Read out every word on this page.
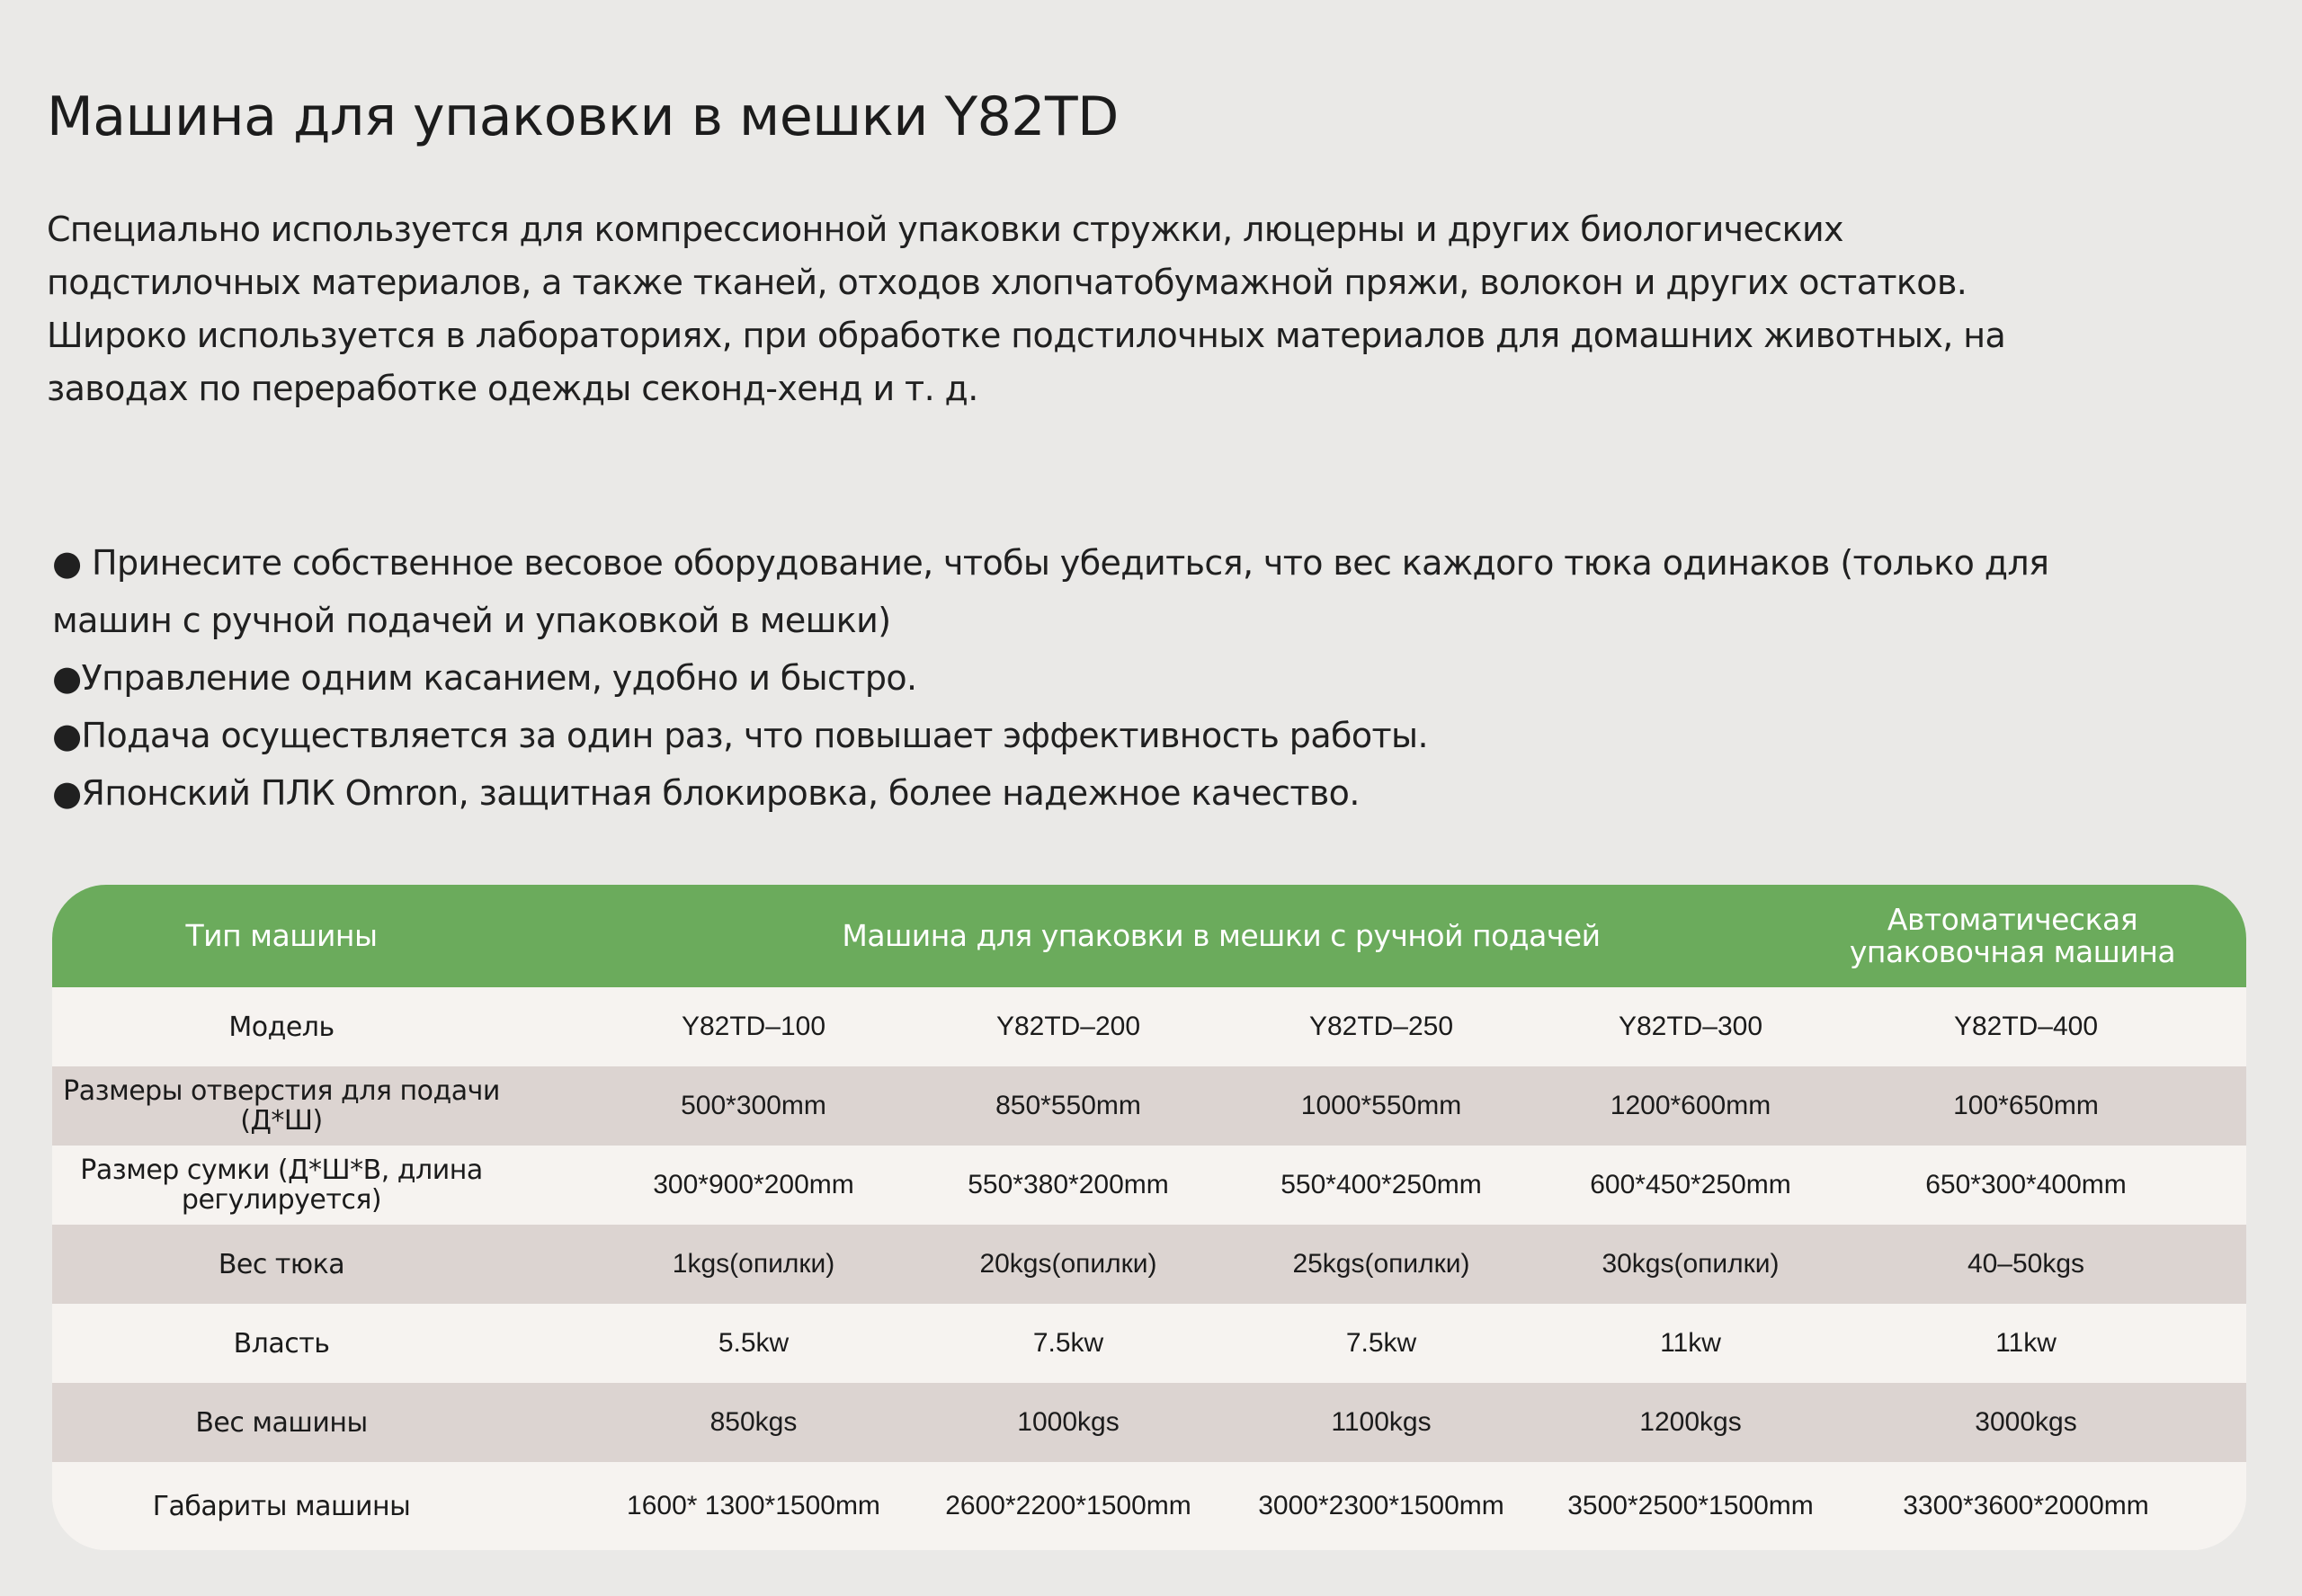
Машина для упаковки в мешки Y82TD

Специально используется для компрессионной упаковки стружки, люцерны и других биологических
подстилочных материалов, а также тканей, отходов хлопчатобумажной пряжи, волокон и других остатков.
Широко используется в лабораториях, при обработке подстилочных материалов для домашних животных, на
заводах по переработке одежды секонд-хенд и т. д.

● Принесите собственное весовое оборудование, чтобы убедиться, что вес каждого тюка одинаков (только для
машин с ручной подачей и упаковкой в мешки)
●Управление одним касанием, удобно и быстро.
●Подача осуществляется за один раз, что повышает эффективность работы.
●Японский ПЛК Omron, защитная блокировка, более надежное качество.
Тип машины	Машина для упаковки в мешки с ручной подачей	Автоматическая упаковочная машина
Модель	Y82TD–100	Y82TD–200	Y82TD–250	Y82TD–300	Y82TD–400
Размеры отверстия для подачи (Д*Ш)	500*300mm	850*550mm	1000*550mm	1200*600mm	100*650mm
Размер сумки (Д*Ш*В, длина регулируется)	300*900*200mm	550*380*200mm	550*400*250mm	600*450*250mm	650*300*400mm
Вес тюка	1kgs(опилки)	20kgs(опилки)	25kgs(опилки)	30kgs(опилки)	40–50kgs
Власть	5.5kw	7.5kw	7.5kw	11kw	11kw
Вес машины	850kgs	1000kgs	1100kgs	1200kgs	3000kgs
Габариты машины	1600* 1300*1500mm	2600*2200*1500mm	3000*2300*1500mm	3500*2500*1500mm	3300*3600*2000mm
